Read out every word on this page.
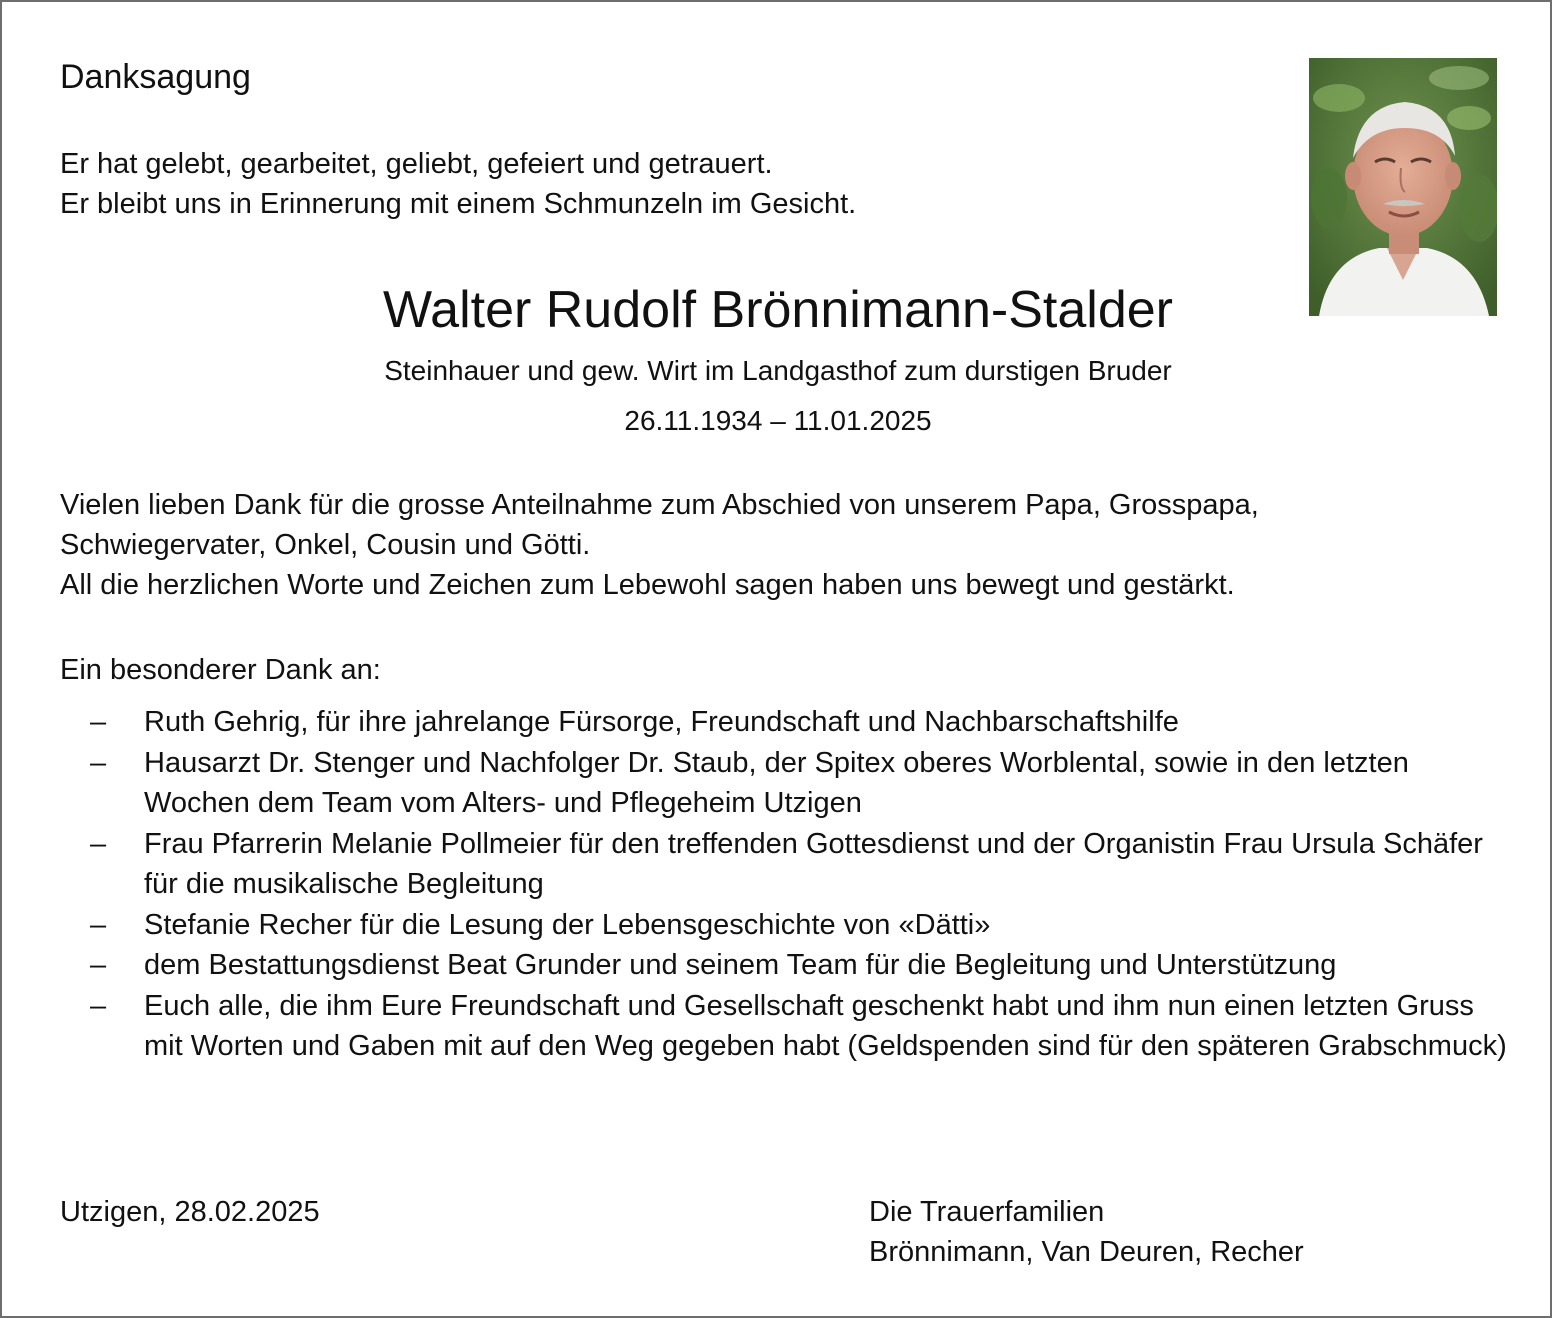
Danksagung
Er hat gelebt, gearbeitet, geliebt, gefeiert und getrauert.
Er bleibt uns in Erinnerung mit einem Schmunzeln im Gesicht.
Walter Rudolf Brönnimann-Stalder
Steinhauer und gew. Wirt im Landgasthof zum durstigen Bruder
26.11.1934 – 11.01.2025
Vielen lieben Dank für die grosse Anteilnahme zum Abschied von unserem Papa, Grosspapa,
Schwiegervater, Onkel, Cousin und Götti.
All die herzlichen Worte und Zeichen zum Lebewohl sagen haben uns bewegt und gestärkt.
Ein besonderer Dank an:
–	Ruth Gehrig, für ihre jahrelange Fürsorge, Freundschaft und Nachbarschaftshilfe
–	Hausarzt Dr. Stenger und Nachfolger Dr. Staub, der Spitex oberes Worblental, sowie in den letzten Wochen dem Team vom Alters- und Pflegeheim Utzigen
–	Frau Pfarrerin Melanie Pollmeier für den treffenden Gottesdienst und der Organistin Frau Ursula Schäfer für die musikalische Begleitung
–	Stefanie Recher für die Lesung der Lebensgeschichte von «Dätti»
–	dem Bestattungsdienst Beat Grunder und seinem Team für die Begleitung und Unterstützung
–	Euch alle, die ihm Eure Freundschaft und Gesellschaft geschenkt habt und ihm nun einen letzten Gruss mit Worten und Gaben mit auf den Weg gegeben habt (Geldspenden sind für den späteren Grabschmuck)
Utzigen, 28.02.2025	Die Trauerfamilien
Brönnimann, Van Deuren, Recher
